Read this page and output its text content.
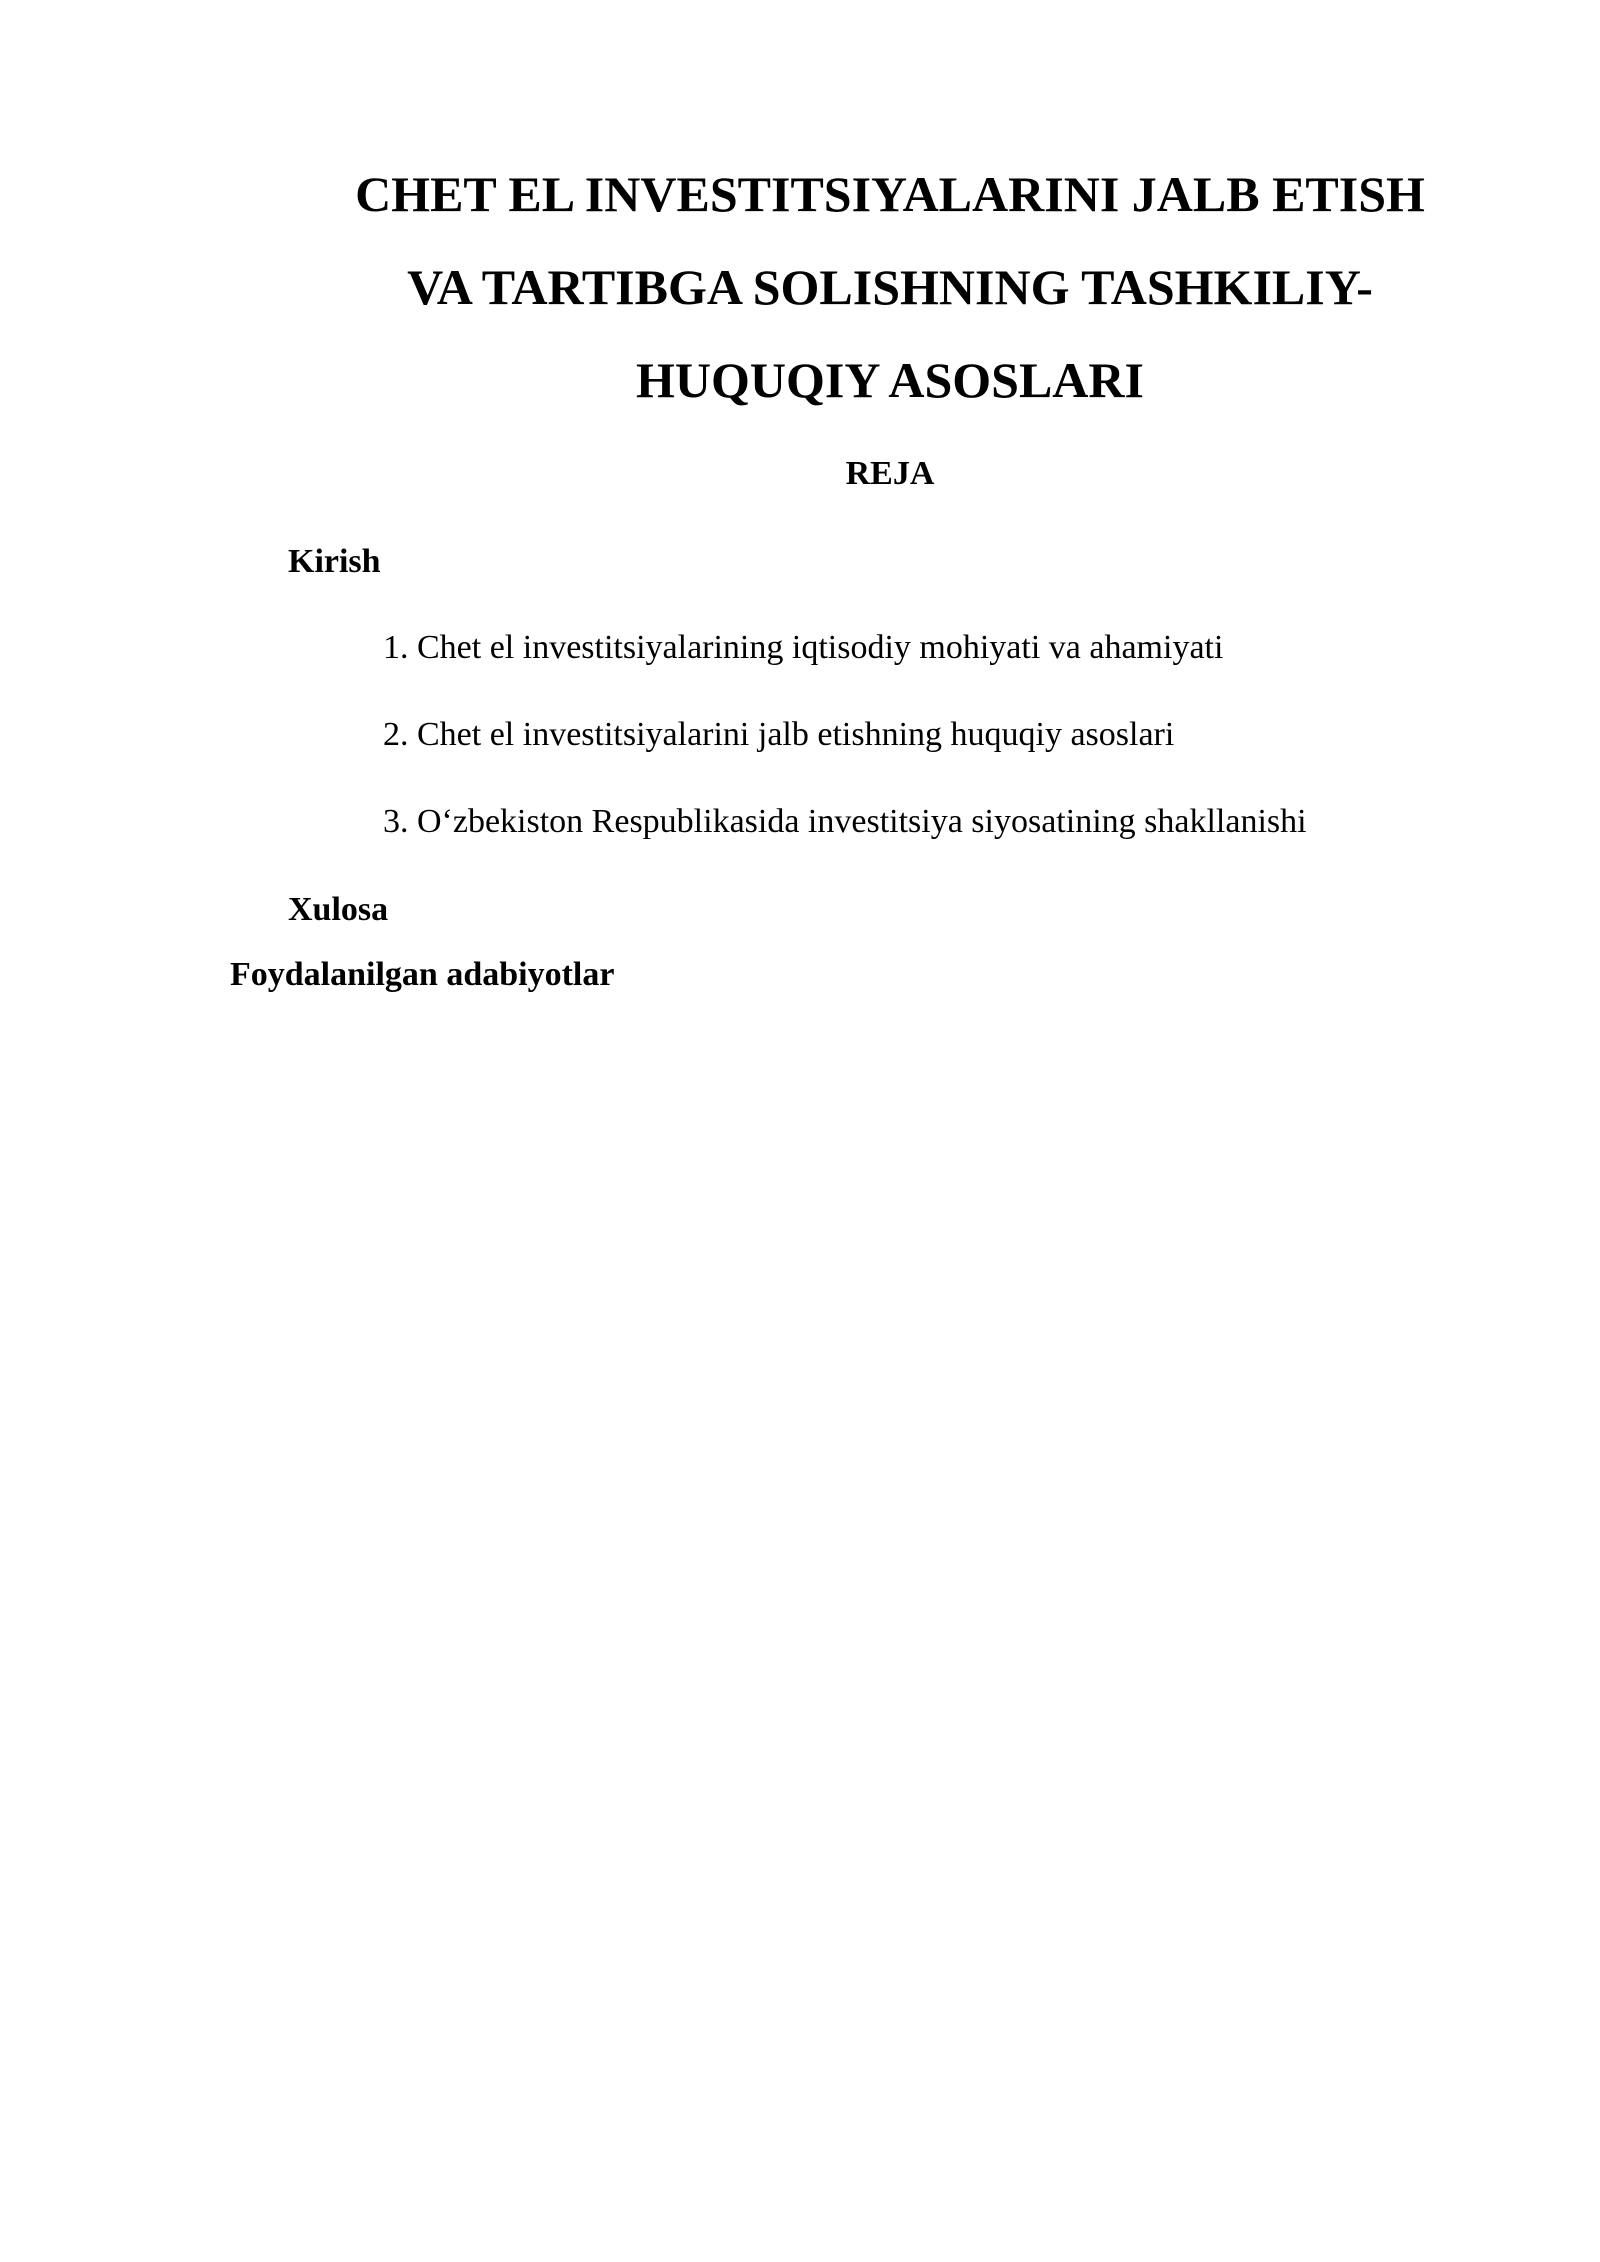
CHET EL INVESTITSIYALARINI JALB ETISH
VA TARTIBGA SOLISHNING TASHKILIY-
HUQUQIY ASOSLARI
REJA
Kirish
1. Chet el investitsiyalarining iqtisodiy mohiyati va ahamiyati
2. Chet el investitsiyalarini jalb etishning huquqiy asoslari
3. O‘zbekiston Respublikasida investitsiya siyosatining shakllanishi
Xulosa
Foydalanilgan adabiyotlar
